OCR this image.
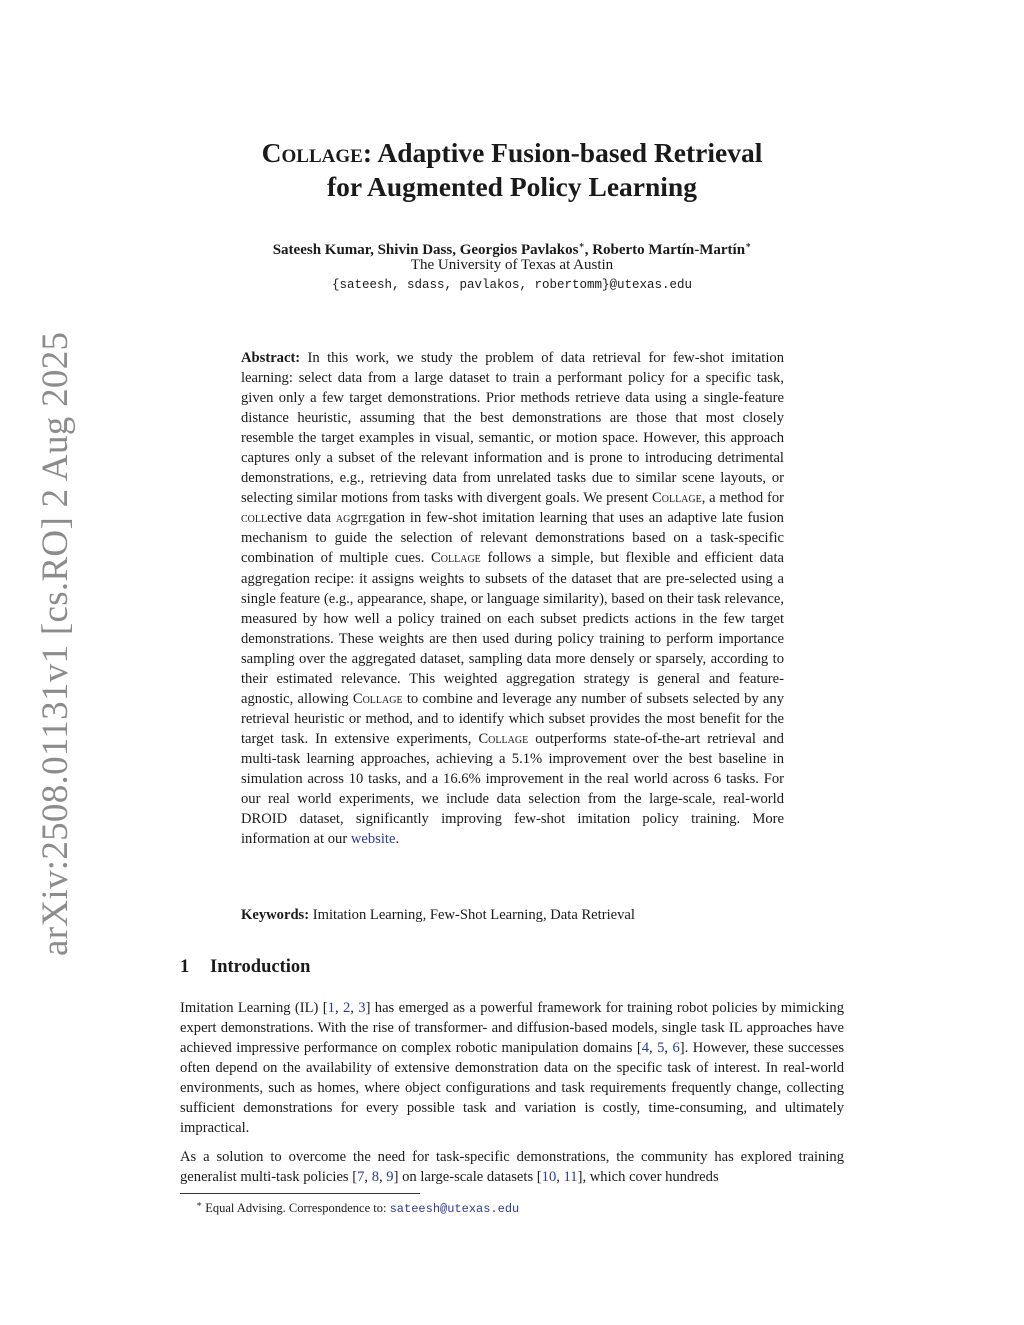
arXiv:2508.01131v1 [cs.RO] 2 Aug 2025
Collage: Adaptive Fusion-based Retrieval
for Augmented Policy Learning
Sateesh Kumar, Shivin Dass, Georgios Pavlakos∗, Roberto Martín-Martín∗
The University of Texas at Austin
{sateesh, sdass, pavlakos, robertomm}@utexas.edu

Abstract: In this work, we study the problem of data retrieval for few-shot imitation learning: select data from a large dataset to train a performant policy for a specific task, given only a few target demonstrations. Prior methods retrieve data using a single-feature distance heuristic, assuming that the best demonstrations are those that most closely resemble the target examples in visual, semantic, or motion space. However, this approach captures only a subset of the relevant information and is prone to introducing detrimental demonstrations, e.g., retrieving data from unrelated tasks due to similar scene layouts, or selecting similar motions from tasks with divergent goals. We present Collage, a method for collective data aggregation in few-shot imitation learning that uses an adaptive late fusion mechanism to guide the selection of relevant demonstrations based on a task-specific combination of multiple cues. Collage follows a simple, but flexible and efficient data aggregation recipe: it assigns weights to subsets of the dataset that are pre-selected using a single feature (e.g., appearance, shape, or language similarity), based on their task relevance, measured by how well a policy trained on each subset predicts actions in the few target demonstrations. These weights are then used during policy training to perform importance sampling over the aggregated dataset, sampling data more densely or sparsely, according to their estimated relevance. This weighted aggregation strategy is general and feature-agnostic, allowing Collage to combine and leverage any number of subsets selected by any retrieval heuristic or method, and to identify which subset provides the most benefit for the target task. In extensive experiments, Collage outperforms state-of-the-art retrieval and multi-task learning approaches, achieving a 5.1% improvement over the best baseline in simulation across 10 tasks, and a 16.6% improvement in the real world across 6 tasks. For our real world experiments, we include data selection from the large-scale, real-world DROID dataset, significantly improving few-shot imitation policy training. More information at our website.

Keywords: Imitation Learning, Few-Shot Learning, Data Retrieval

1 Introduction

Imitation Learning (IL) [1, 2, 3] has emerged as a powerful framework for training robot policies by mimicking expert demonstrations. With the rise of transformer- and diffusion-based models, single task IL approaches have achieved impressive performance on complex robotic manipulation domains [4, 5, 6]. However, these successes often depend on the availability of extensive demonstration data on the specific task of interest. In real-world environments, such as homes, where object configurations and task requirements frequently change, collecting sufficient demonstrations for every possible task and variation is costly, time-consuming, and ultimately impractical.

As a solution to overcome the need for task-specific demonstrations, the community has explored training generalist multi-task policies [7, 8, 9] on large-scale datasets [10, 11], which cover hundreds

∗ Equal Advising. Correspondence to: sateesh@utexas.edu
